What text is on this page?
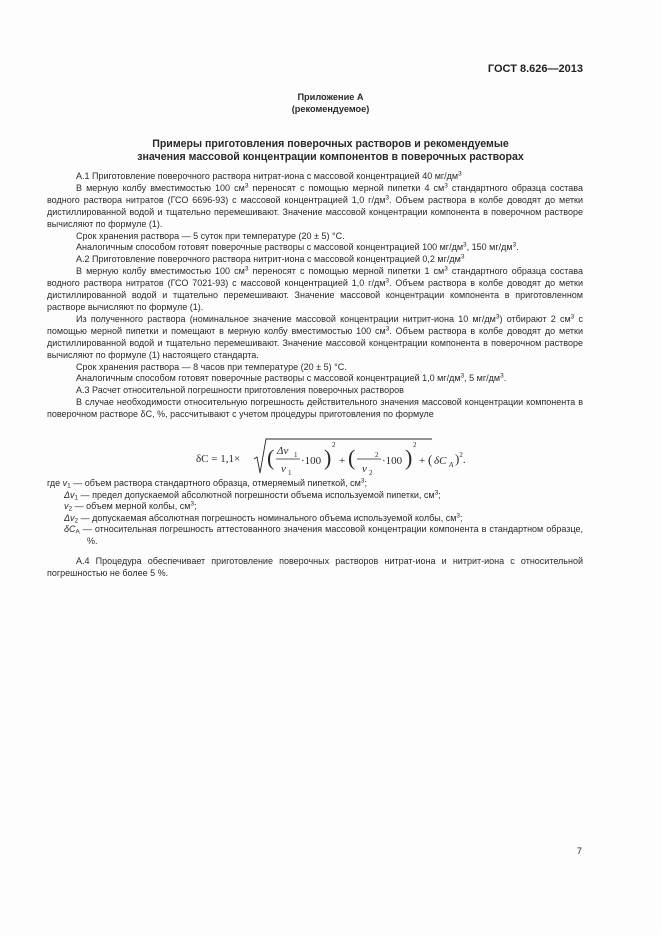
ГОСТ 8.626—2013
Приложение А
(рекомендуемое)
Примеры приготовления поверочных растворов и рекомендуемые
значения массовой концентрации компонентов в поверочных растворах

А.1 Приготовление поверочного раствора нитрат-иона с массовой концентрацией 40 $мг/дм^3$

В мерную колбу вместимостью 100 $см^3$ переносят с помощью мерной пипетки 4 $см^3$ стандартного образца состава водного раствора нитратов (ГСО 6696-93) с массовой концентрацией 1,0 $г/дм^3$. Объем раствора в колбе доводят до метки дистиллированной водой и тщательно перемешивают. Значение массовой концентрации компонента в поверочном растворе вычисляют по формуле (1).

Срок хранения раствора — 5 суток при температуре (20 ± 5) °С.

Аналогичным способом готовят поверочные растворы с массовой концентрацией 100 $мг/дм^3$, 150 $мг/дм^3$.

А.2 Приготовление поверочного раствора нитрит-иона с массовой концентрацией 0,2 $мг/дм^3$

В мерную колбу вместимостью 100 $см^3$ переносят с помощью мерной пипетки 1 $см^3$ стандартного образца состава водного раствора нитратов (ГСО 7021-93) с массовой концентрацией 1,0 $г/дм^3$. Объем раствора в колбе доводят до метки дистиллированной водой и тщательно перемешивают. Значение массовой концентрации компонента в приготовленном растворе вычисляют по формуле (1).

Из полученного раствора (номинальное значение массовой концентрации нитрит-иона 10 $мг/дм^3$) отбирают 2 $см^3$ с помощью мерной пипетки и помещают в мерную колбу вместимостью 100 $см^3$. Объем раствора в колбе доводят до метки дистиллированной водой и тщательно перемешивают. Значение массовой концентрации компонента в поверочном растворе вычисляют по формуле (1) настоящего стандарта.

Срок хранения раствора — 8 часов при температуре (20 ± 5) °С.

Аналогичным способом готовят поверочные растворы с массовой концентрацией 1,0 $мг/дм^3$, 5 $мг/дм^3$.

А.3 Расчет относительной погрешности приготовления поверочных растворов

В случае необходимости относительную погрешность действительного значения массовой концентрации компонента в поверочном растворе δС, %, рассчитывают с учетом процедуры приготовления по формуле

δC = 1,1× ( Δv 1
v 1
·100 ) 2
+ (	2
v 2
·100 ) 2
+ ( δC A )$^2$.

где $v_1$ — объем раствора стандартного образца, отмеряемый пипеткой, $см^3$;

$\Delta v_1$ — предел допускаемой абсолютной погрешности объема используемой пипетки, $см^3$;

$v_2$ — объем мерной колбы, $см^3$;

$\Delta v_2$ — допускаемая абсолютная погрешность номинального объема используемой колбы, $см^3$;

$\delta C_A$ — относительная погрешность аттестованного значения массовой концентрации компонента в стандартном образце, %.

А.4 Процедура обеспечивает приготовление поверочных растворов нитрат-иона и нитрит-иона с относительной погрешностью не более 5 %.

7
